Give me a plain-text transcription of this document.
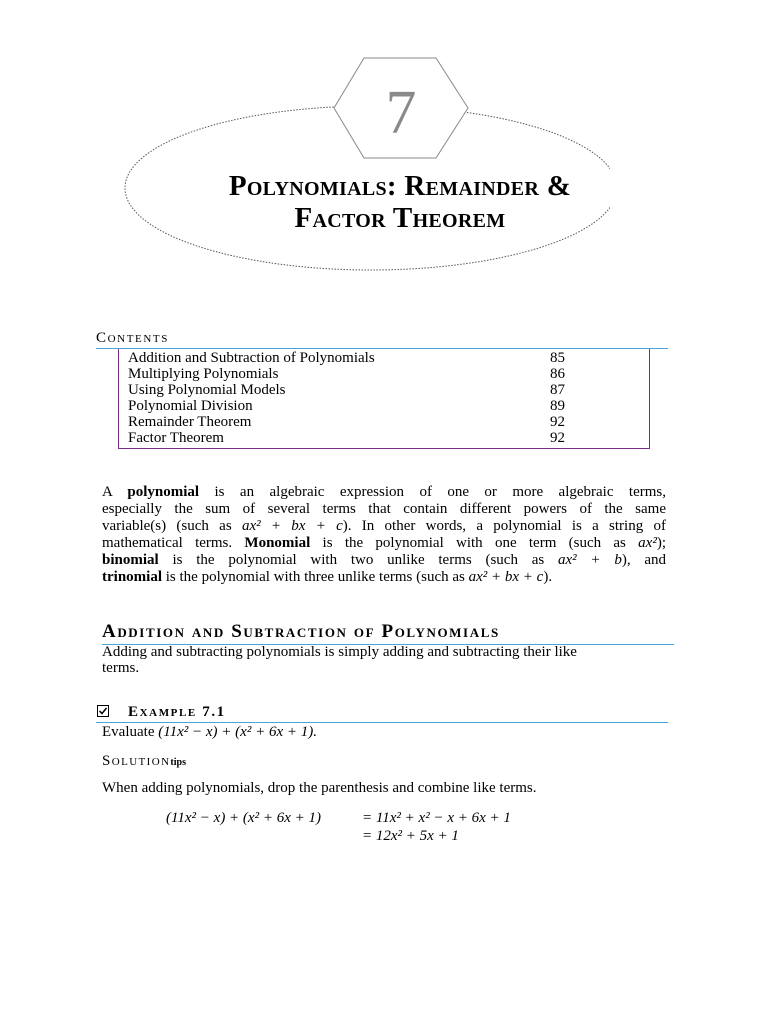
7
Polynomials: Remainder &
Factor Theorem
Contents
Addition and Subtraction of Polynomials	85
Multiplying Polynomials	86
Using Polynomial Models	87
Polynomial Division	89
Remainder Theorem	92
Factor Theorem	92
A polynomial is an algebraic expression of one or more algebraic terms,
especially the sum of several terms that contain different powers of the same
variable(s) (such as ax² + bx + c). In other words, a polynomial is a string of
mathematical terms. Monomial is the polynomial with one term (such as ax²);
binomial is the polynomial with two unlike terms (such as ax² + b), and
trinomial is the polynomial with three unlike terms (such as ax² + bx + c).
Addition and Subtraction of Polynomials
Adding and subtracting polynomials is simply adding and subtracting their like
terms.
Example 7.1
Evaluate (11x² − x) + (x² + 6x + 1).
Solutiontips
When adding polynomials, drop the parenthesis and combine like terms.
(11x² − x) + (x² + 6x + 1)	= 11x² + x² − x + 6x + 1
= 12x² + 5x + 1
